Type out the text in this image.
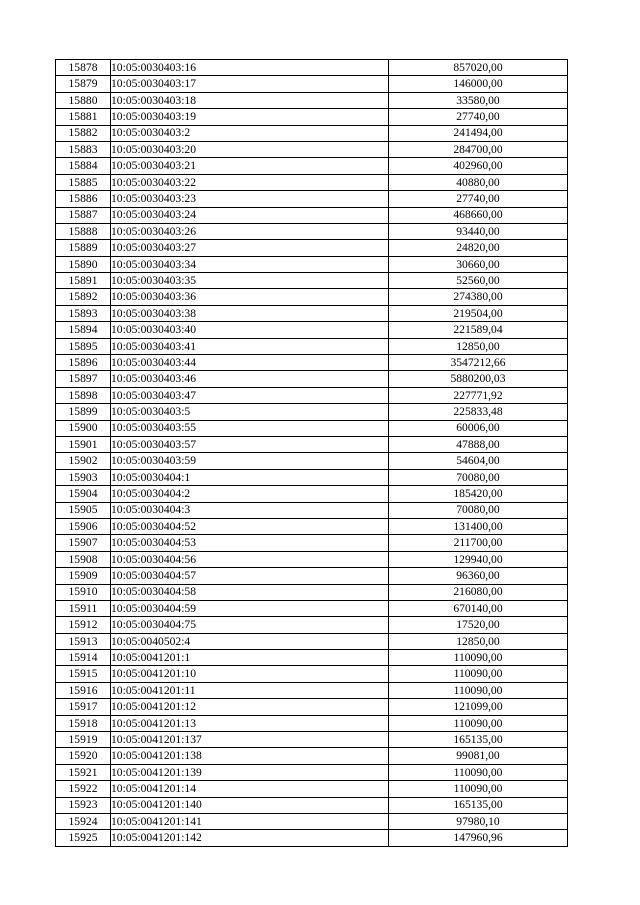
15878	10:05:0030403:16	857020,00
15879	10:05:0030403:17	146000,00
15880	10:05:0030403:18	33580,00
15881	10:05:0030403:19	27740,00
15882	10:05:0030403:2	241494,00
15883	10:05:0030403:20	284700,00
15884	10:05:0030403:21	402960,00
15885	10:05:0030403:22	40880,00
15886	10:05:0030403:23	27740,00
15887	10:05:0030403:24	468660,00
15888	10:05:0030403:26	93440,00
15889	10:05:0030403:27	24820,00
15890	10:05:0030403:34	30660,00
15891	10:05:0030403:35	52560,00
15892	10:05:0030403:36	274380,00
15893	10:05:0030403:38	219504,00
15894	10:05:0030403:40	221589,04
15895	10:05:0030403:41	12850,00
15896	10:05:0030403:44	3547212,66
15897	10:05:0030403:46	5880200,03
15898	10:05:0030403:47	227771,92
15899	10:05:0030403:5	225833,48
15900	10:05:0030403:55	60006,00
15901	10:05:0030403:57	47888,00
15902	10:05:0030403:59	54604,00
15903	10:05:0030404:1	70080,00
15904	10:05:0030404:2	185420,00
15905	10:05:0030404:3	70080,00
15906	10:05:0030404:52	131400,00
15907	10:05:0030404:53	211700,00
15908	10:05:0030404:56	129940,00
15909	10:05:0030404:57	96360,00
15910	10:05:0030404:58	216080,00
15911	10:05:0030404:59	670140,00
15912	10:05:0030404:75	17520,00
15913	10:05:0040502:4	12850,00
15914	10:05:0041201:1	110090,00
15915	10:05:0041201:10	110090,00
15916	10:05:0041201:11	110090,00
15917	10:05:0041201:12	121099,00
15918	10:05:0041201:13	110090,00
15919	10:05:0041201:137	165135,00
15920	10:05:0041201:138	99081,00
15921	10:05:0041201:139	110090,00
15922	10:05:0041201:14	110090,00
15923	10:05:0041201:140	165135,00
15924	10:05:0041201:141	97980,10
15925	10:05:0041201:142	147960,96
